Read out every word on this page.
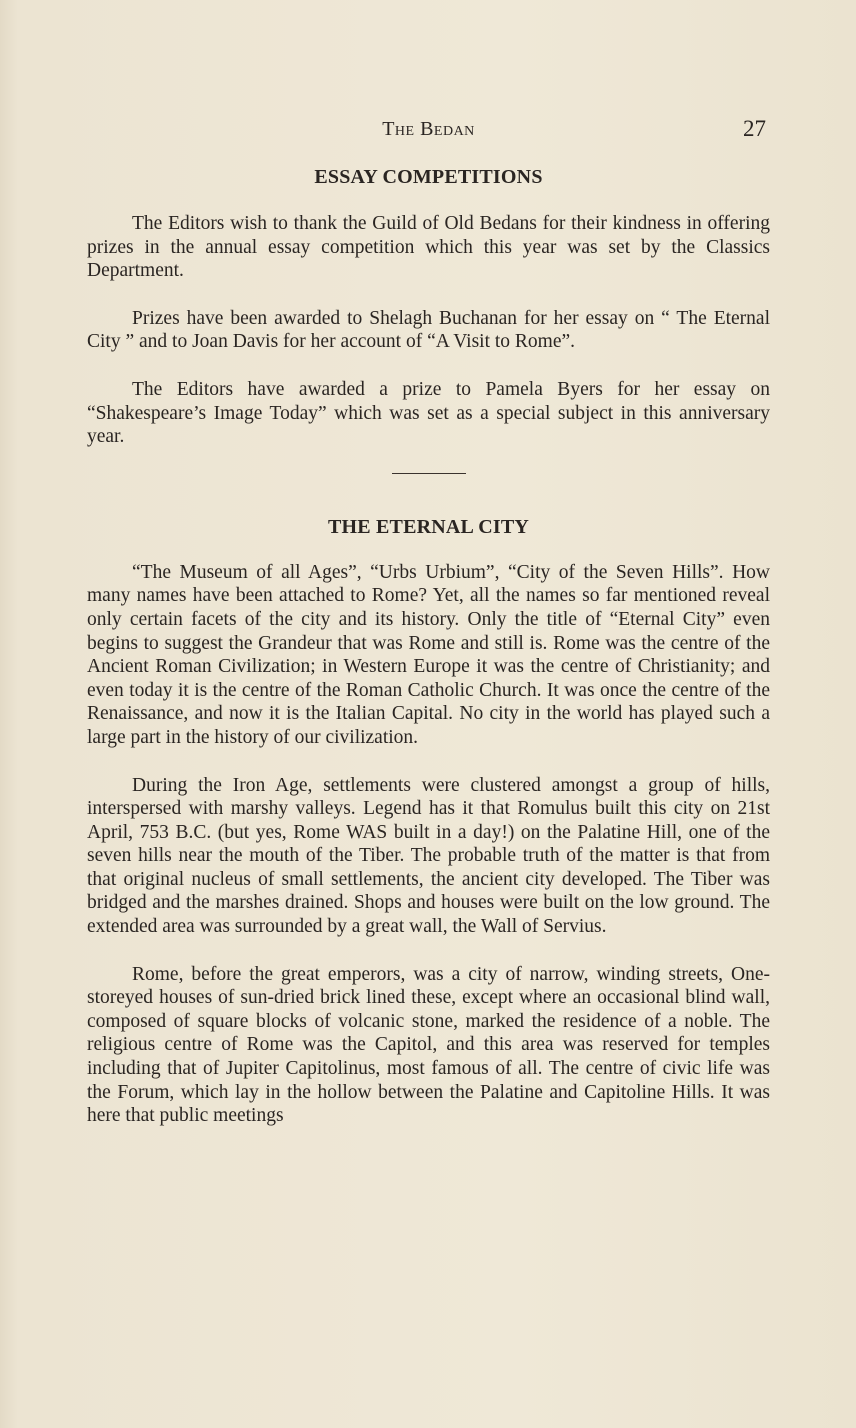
The Bedan	27
ESSAY COMPETITIONS

The Editors wish to thank the Guild of Old Bedans for their kindness in offering prizes in the annual essay competition which this year was set by the Classics Department.

Prizes have been awarded to Shelagh Buchanan for her essay on “ The Eternal City ” and to Joan Davis for her account of “A Visit to Rome”.

The Editors have awarded a prize to Pamela Byers for her essay on “Shakespeare’s Image Today” which was set as a special subject in this anniversary year.

THE ETERNAL CITY

“The Museum of all Ages”, “Urbs Urbium”, “City of the Seven Hills”. How many names have been attached to Rome? Yet, all the names so far mentioned reveal only certain facets of the city and its history. Only the title of “Eternal City” even begins to suggest the Grandeur that was Rome and still is. Rome was the centre of the Ancient Roman Civilization; in Western Europe it was the centre of Christianity; and even today it is the centre of the Roman Catholic Church. It was once the centre of the Renaissance, and now it is the Italian Capital. No city in the world has played such a large part in the history of our civilization.

During the Iron Age, settlements were clustered amongst a group of hills, interspersed with marshy valleys. Legend has it that Romulus built this city on 21st April, 753 B.C. (but yes, Rome WAS built in a day!) on the Palatine Hill, one of the seven hills near the mouth of the Tiber. The probable truth of the matter is that from that original nucleus of small settlements, the ancient city developed. The Tiber was bridged and the marshes drained. Shops and houses were built on the low ground. The extended area was surrounded by a great wall, the Wall of Servius.

Rome, before the great emperors, was a city of narrow, winding streets, One-storeyed houses of sun-dried brick lined these, except where an occasional blind wall, composed of square blocks of volcanic stone, marked the residence of a noble. The religious centre of Rome was the Capitol, and this area was reserved for temples including that of Jupiter Capitolinus, most famous of all. The centre of civic life was the Forum, which lay in the hollow between the Palatine and Capitoline Hills. It was here that public meetings
